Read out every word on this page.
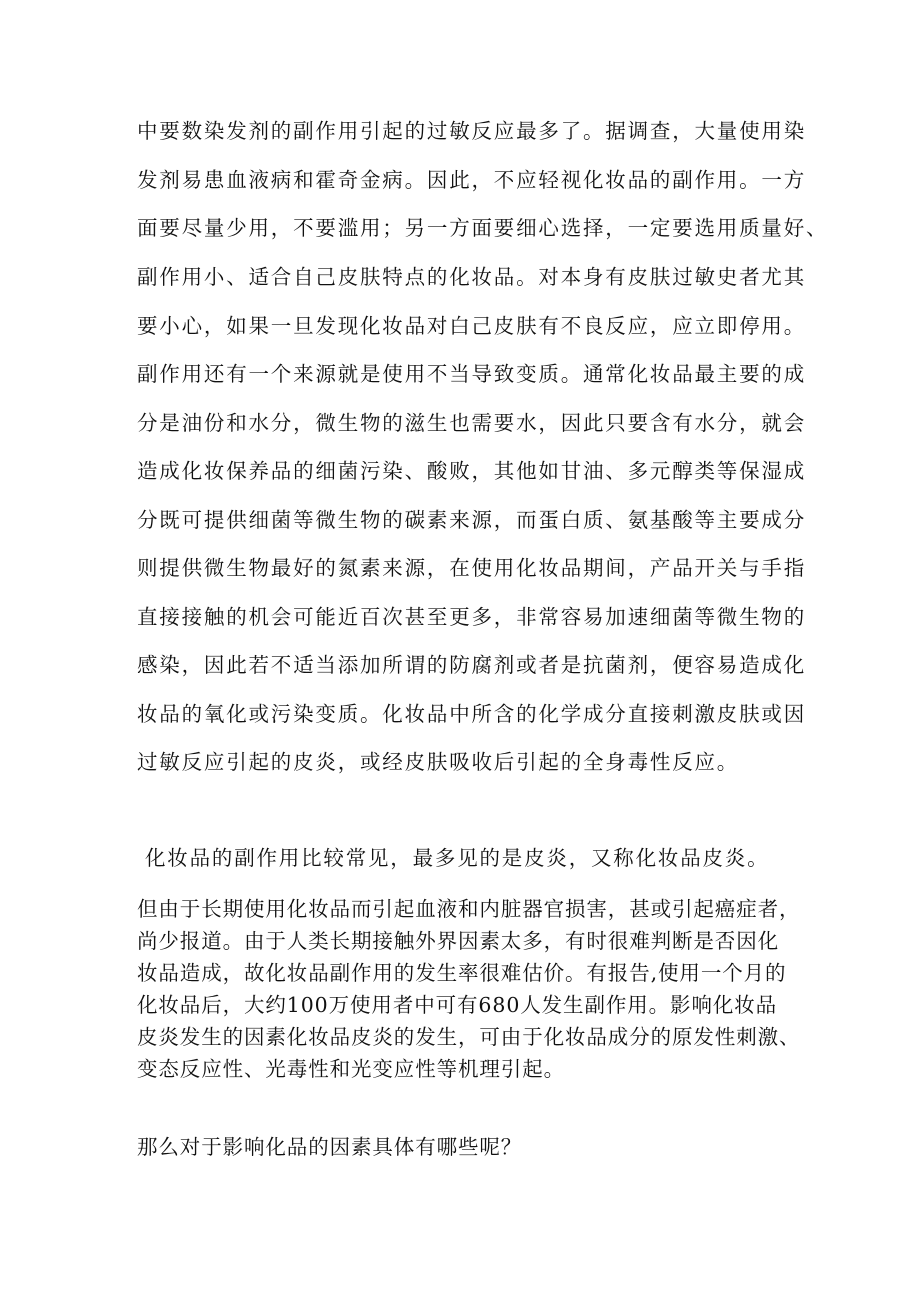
中要数染发剂的副作用引起的过敏反应最多了。据调查，大量使用染
发剂易患血液病和霍奇金病。因此，不应轻视化妆品的副作用。一方
面要尽量少用，不要滥用；另一方面要细心选择，一定要选用质量好、
副作用小、适合自己皮肤特点的化妆品。对本身有皮肤过敏史者尤其
要小心，如果一旦发现化妆品对白己皮肤有不良反应，应立即停用。
副作用还有一个来源就是使用不当导致变质。通常化妆品最主要的成
分是油份和水分，微生物的滋生也需要水，因此只要含有水分，就会
造成化妆保养品的细菌污染、酸败，其他如甘油、多元醇类等保湿成
分既可提供细菌等微生物的碳素来源，而蛋白质、氨基酸等主要成分
则提供微生物最好的氮素来源，在使用化妆品期间，产品开关与手指
直接接触的机会可能近百次甚至更多，非常容易加速细菌等微生物的
感染，因此若不适当添加所谓的防腐剂或者是抗菌剂，便容易造成化
妆品的氧化或污染变质。化妆品中所含的化学成分直接刺激皮肤或因
过敏反应引起的皮炎，或经皮肤吸收后引起的全身毒性反应。
化妆品的副作用比较常见，最多见的是皮炎，又称化妆品皮炎。
但由于长期使用化妆品而引起血液和内脏器官损害，甚或引起癌症者，
尚少报道。由于人类长期接触外界因素太多，有时很难判断是否因化
妆品造成，故化妆品副作用的发生率很难估价。有报告,使用一个月的
化妆品后，大约100万使用者中可有680人发生副作用。影响化妆品
皮炎发生的因素化妆品皮炎的发生，可由于化妆品成分的原发性刺激、
变态反应性、光毒性和光变应性等机理引起。
那么对于影响化品的因素具体有哪些呢？
